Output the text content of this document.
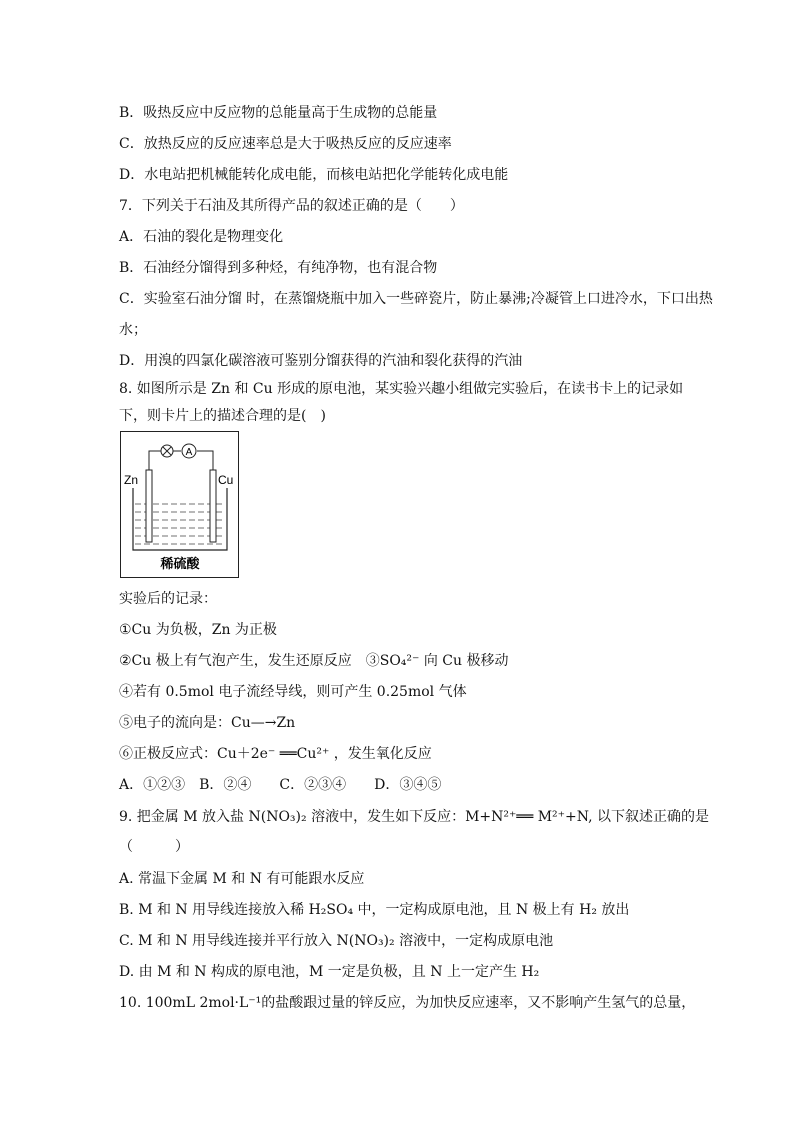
B．吸热反应中反应物的总能量高于生成物的总能量
C．放热反应的反应速率总是大于吸热反应的反应速率
D．水电站把机械能转化成电能，而核电站把化学能转化成电能
7．下列关于石油及其所得产品的叙述正确的是（　　）
A．石油的裂化是物理变化
B．石油经分馏得到多种烃，有纯净物，也有混合物
C．实验室石油分馏 时，在蒸馏烧瓶中加入一些碎瓷片，防止暴沸;冷凝管上口进冷水，下口出热
水；
D．用溴的四氯化碳溶液可鉴别分馏获得的汽油和裂化获得的汽油
8. 如图所示是 Zn 和 Cu 形成的原电池，某实验兴趣小组做完实验后，在读书卡上的记录如
下，则卡片上的描述合理的是(　)
A
Zn	Cu
稀硫酸
实验后的记录：
①Cu 为负极，Zn 为正极
②Cu 极上有气泡产生，发生还原反应　③SO₄²⁻ 向 Cu 极移动
④若有 0.5mol 电子流经导线，则可产生 0.25mol 气体
⑤电子的流向是：Cu—→Zn
⑥正极反应式：Cu＋2e⁻ ══Cu²⁺ ，发生氧化反应
A．①②③　B．②④　　C．②③④　　D．③④⑤
9. 把金属 M 放入盐 N(NO₃)₂ 溶液中，发生如下反应：M+N²⁺══ M²⁺+N, 以下叙述正确的是
（　　　）
A. 常温下金属 M 和 N 有可能跟水反应
B. M 和 N 用导线连接放入稀 H₂SO₄ 中，一定构成原电池，且 N 极上有 H₂ 放出
C. M 和 N 用导线连接并平行放入 N(NO₃)₂ 溶液中，一定构成原电池
D. 由 M 和 N 构成的原电池，M 一定是负极，且 N 上一定产生 H₂
10. 100mL 2mol·L⁻¹的盐酸跟过量的锌反应，为加快反应速率，又不影响产生氢气的总量，
